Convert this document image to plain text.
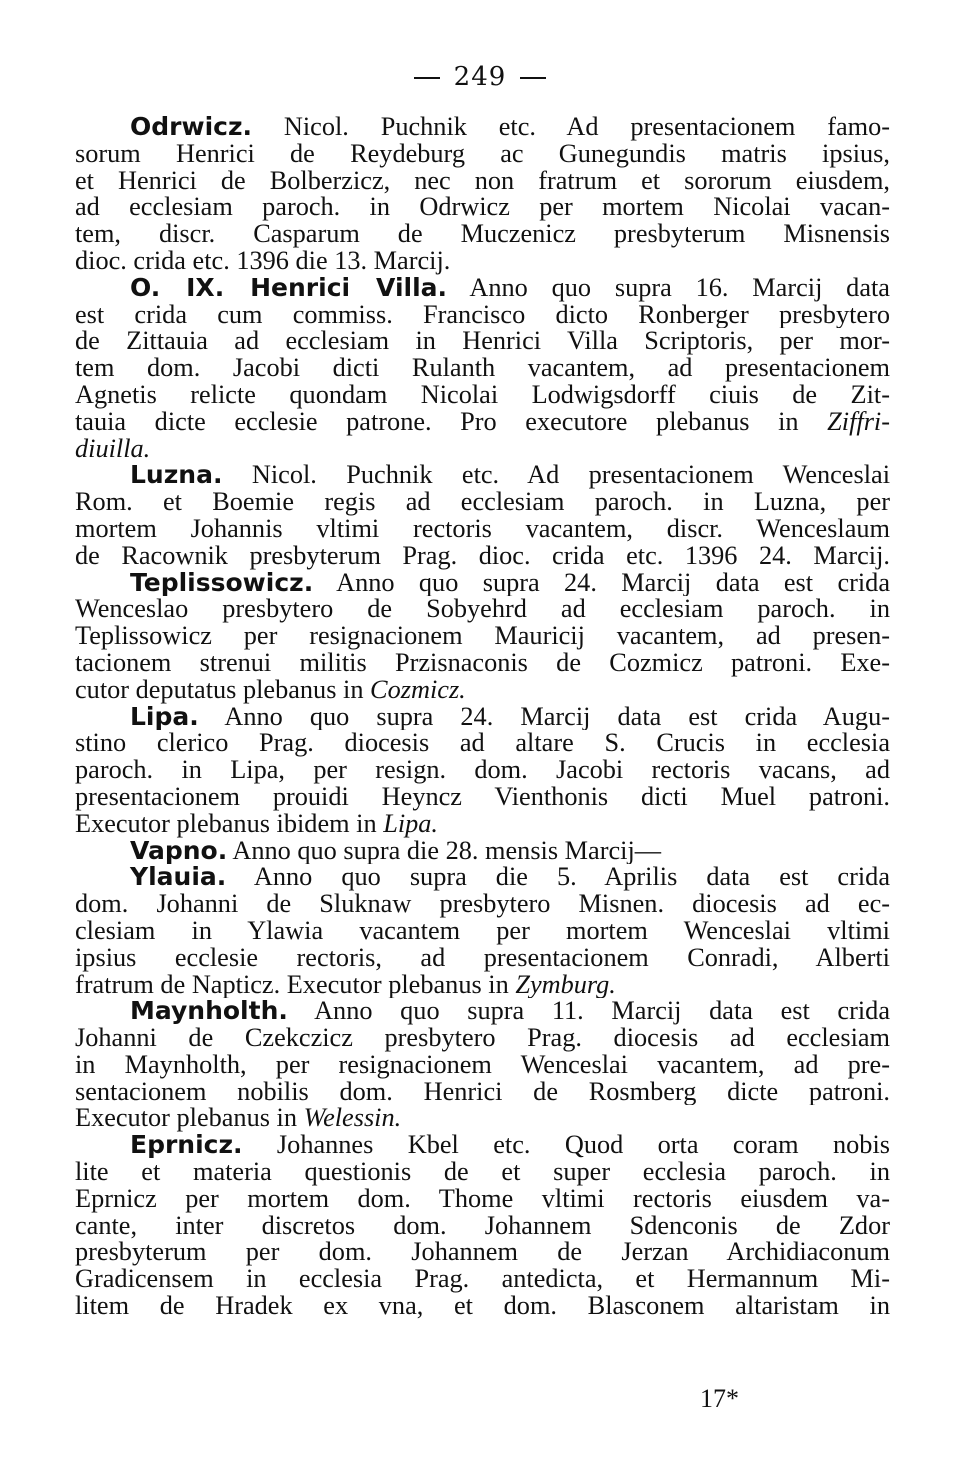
249
Odrwicz. Nicol. Puchnik etc. Ad presentacionem famo-
sorum Henrici de Reydeburg ac Gunegundis matris ipsius,
et Henrici de Bolberzicz, nec non fratrum et sororum eiusdem,
ad ecclesiam paroch. in Odrwicz per mortem Nicolai vacan-
tem, discr. Casparum de Muczenicz presbyterum Misnensis
dioc. crida etc. 1396 die 13. Marcij.
O. IX. Henrici Villa. Anno quo supra 16. Marcij data
est crida cum commiss. Francisco dicto Ronberger presbytero
de Zittauia ad ecclesiam in Henrici Villa Scriptoris, per mor-
tem dom. Jacobi dicti Rulanth vacantem, ad presentacionem
Agnetis relicte quondam Nicolai Lodwigsdorff ciuis de Zit-
tauia dicte ecclesie patrone. Pro executore plebanus in Ziffri-
diuilla.
Luzna. Nicol. Puchnik etc. Ad presentacionem Wenceslai
Rom. et Boemie regis ad ecclesiam paroch. in Luzna, per
mortem Johannis vltimi rectoris vacantem, discr. Wenceslaum
de Racownik presbyterum Prag. dioc. crida etc. 1396 24. Marcij.
Teplissowicz. Anno quo supra 24. Marcij data est crida
Wenceslao presbytero de Sobyehrd ad ecclesiam paroch. in
Teplissowicz per resignacionem Mauricij vacantem, ad presen-
tacionem strenui militis Przisnaconis de Cozmicz patroni. Exe-
cutor deputatus plebanus in Cozmicz.
Lipa. Anno quo supra 24. Marcij data est crida Augu-
stino clerico Prag. diocesis ad altare S. Crucis in ecclesia
paroch. in Lipa, per resign. dom. Jacobi rectoris vacans, ad
presentacionem prouidi Heyncz Vienthonis dicti Muel patroni.
Executor plebanus ibidem in Lipa.
Vapno. Anno quo supra die 28. mensis Marcij—
Ylauia. Anno quo supra die 5. Aprilis data est crida
dom. Johanni de Sluknaw presbytero Misnen. diocesis ad ec-
clesiam in Ylawia vacantem per mortem Wenceslai vltimi
ipsius ecclesie rectoris, ad presentacionem Conradi, Alberti
fratrum de Napticz. Executor plebanus in Zymburg.
Maynholth. Anno quo supra 11. Marcij data est crida
Johanni de Czekczicz presbytero Prag. diocesis ad ecclesiam
in Maynholth, per resignacionem Wenceslai vacantem, ad pre-
sentacionem nobilis dom. Henrici de Rosmberg dicte patroni.
Executor plebanus in Welessin.
Eprnicz. Johannes Kbel etc. Quod orta coram nobis
lite et materia questionis de et super ecclesia paroch. in
Eprnicz per mortem dom. Thome vltimi rectoris eiusdem va-
cante, inter discretos dom. Johannem Sdenconis de Zdor
presbyterum per dom. Johannem de Jerzan Archidiaconum
Gradicensem in ecclesia Prag. antedicta, et Hermannum Mi-
litem de Hradek ex vna, et dom. Blasconem altaristam in
17*
